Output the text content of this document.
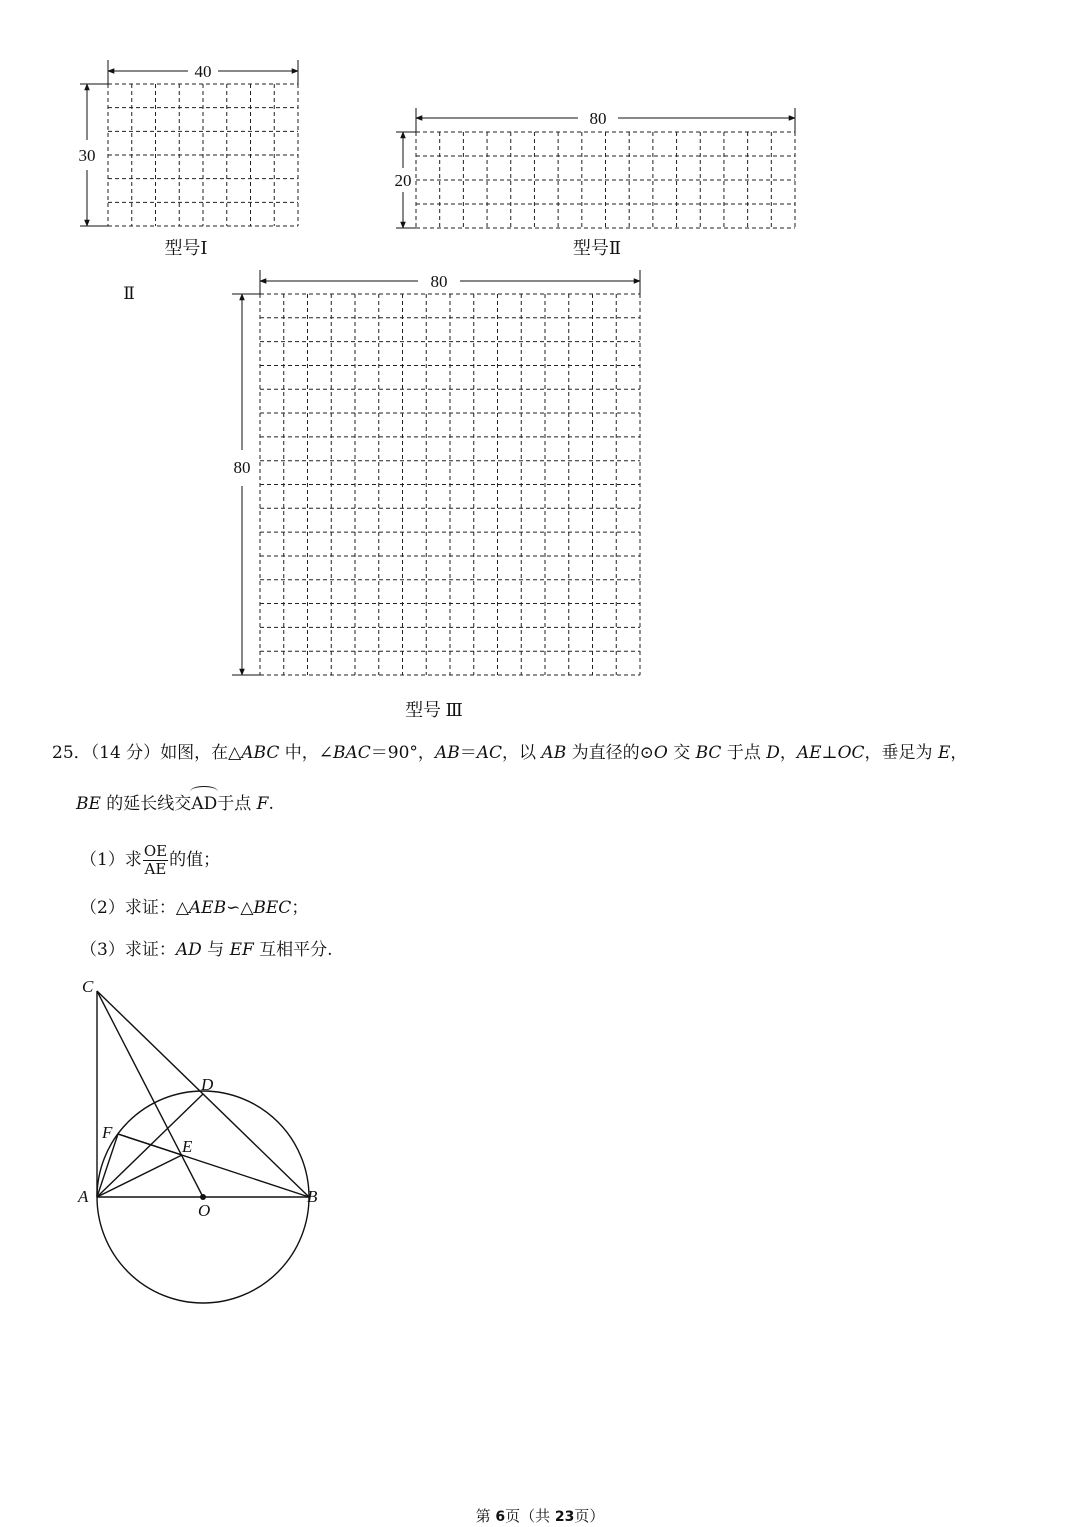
40
30
型号Ⅰ
80
20
型号Ⅱ
Ⅱ
80
80
型号 Ⅲ
25．（14 分）如图，在△ABC 中，∠BAC＝90°，AB＝AC，以 AB 为直径的⊙O 交 BC 于点 D，AE⊥OC，垂足为 E，
BE 的延长线交AD于点 F.
（1）求 $\frac{OE}{AE}$ 的值；
（2）求证：△AEB∽△BEC；
（3）求证：AD 与 EF 互相平分.
C
D
F
E
A
O
B
第 6页（共 23页）
